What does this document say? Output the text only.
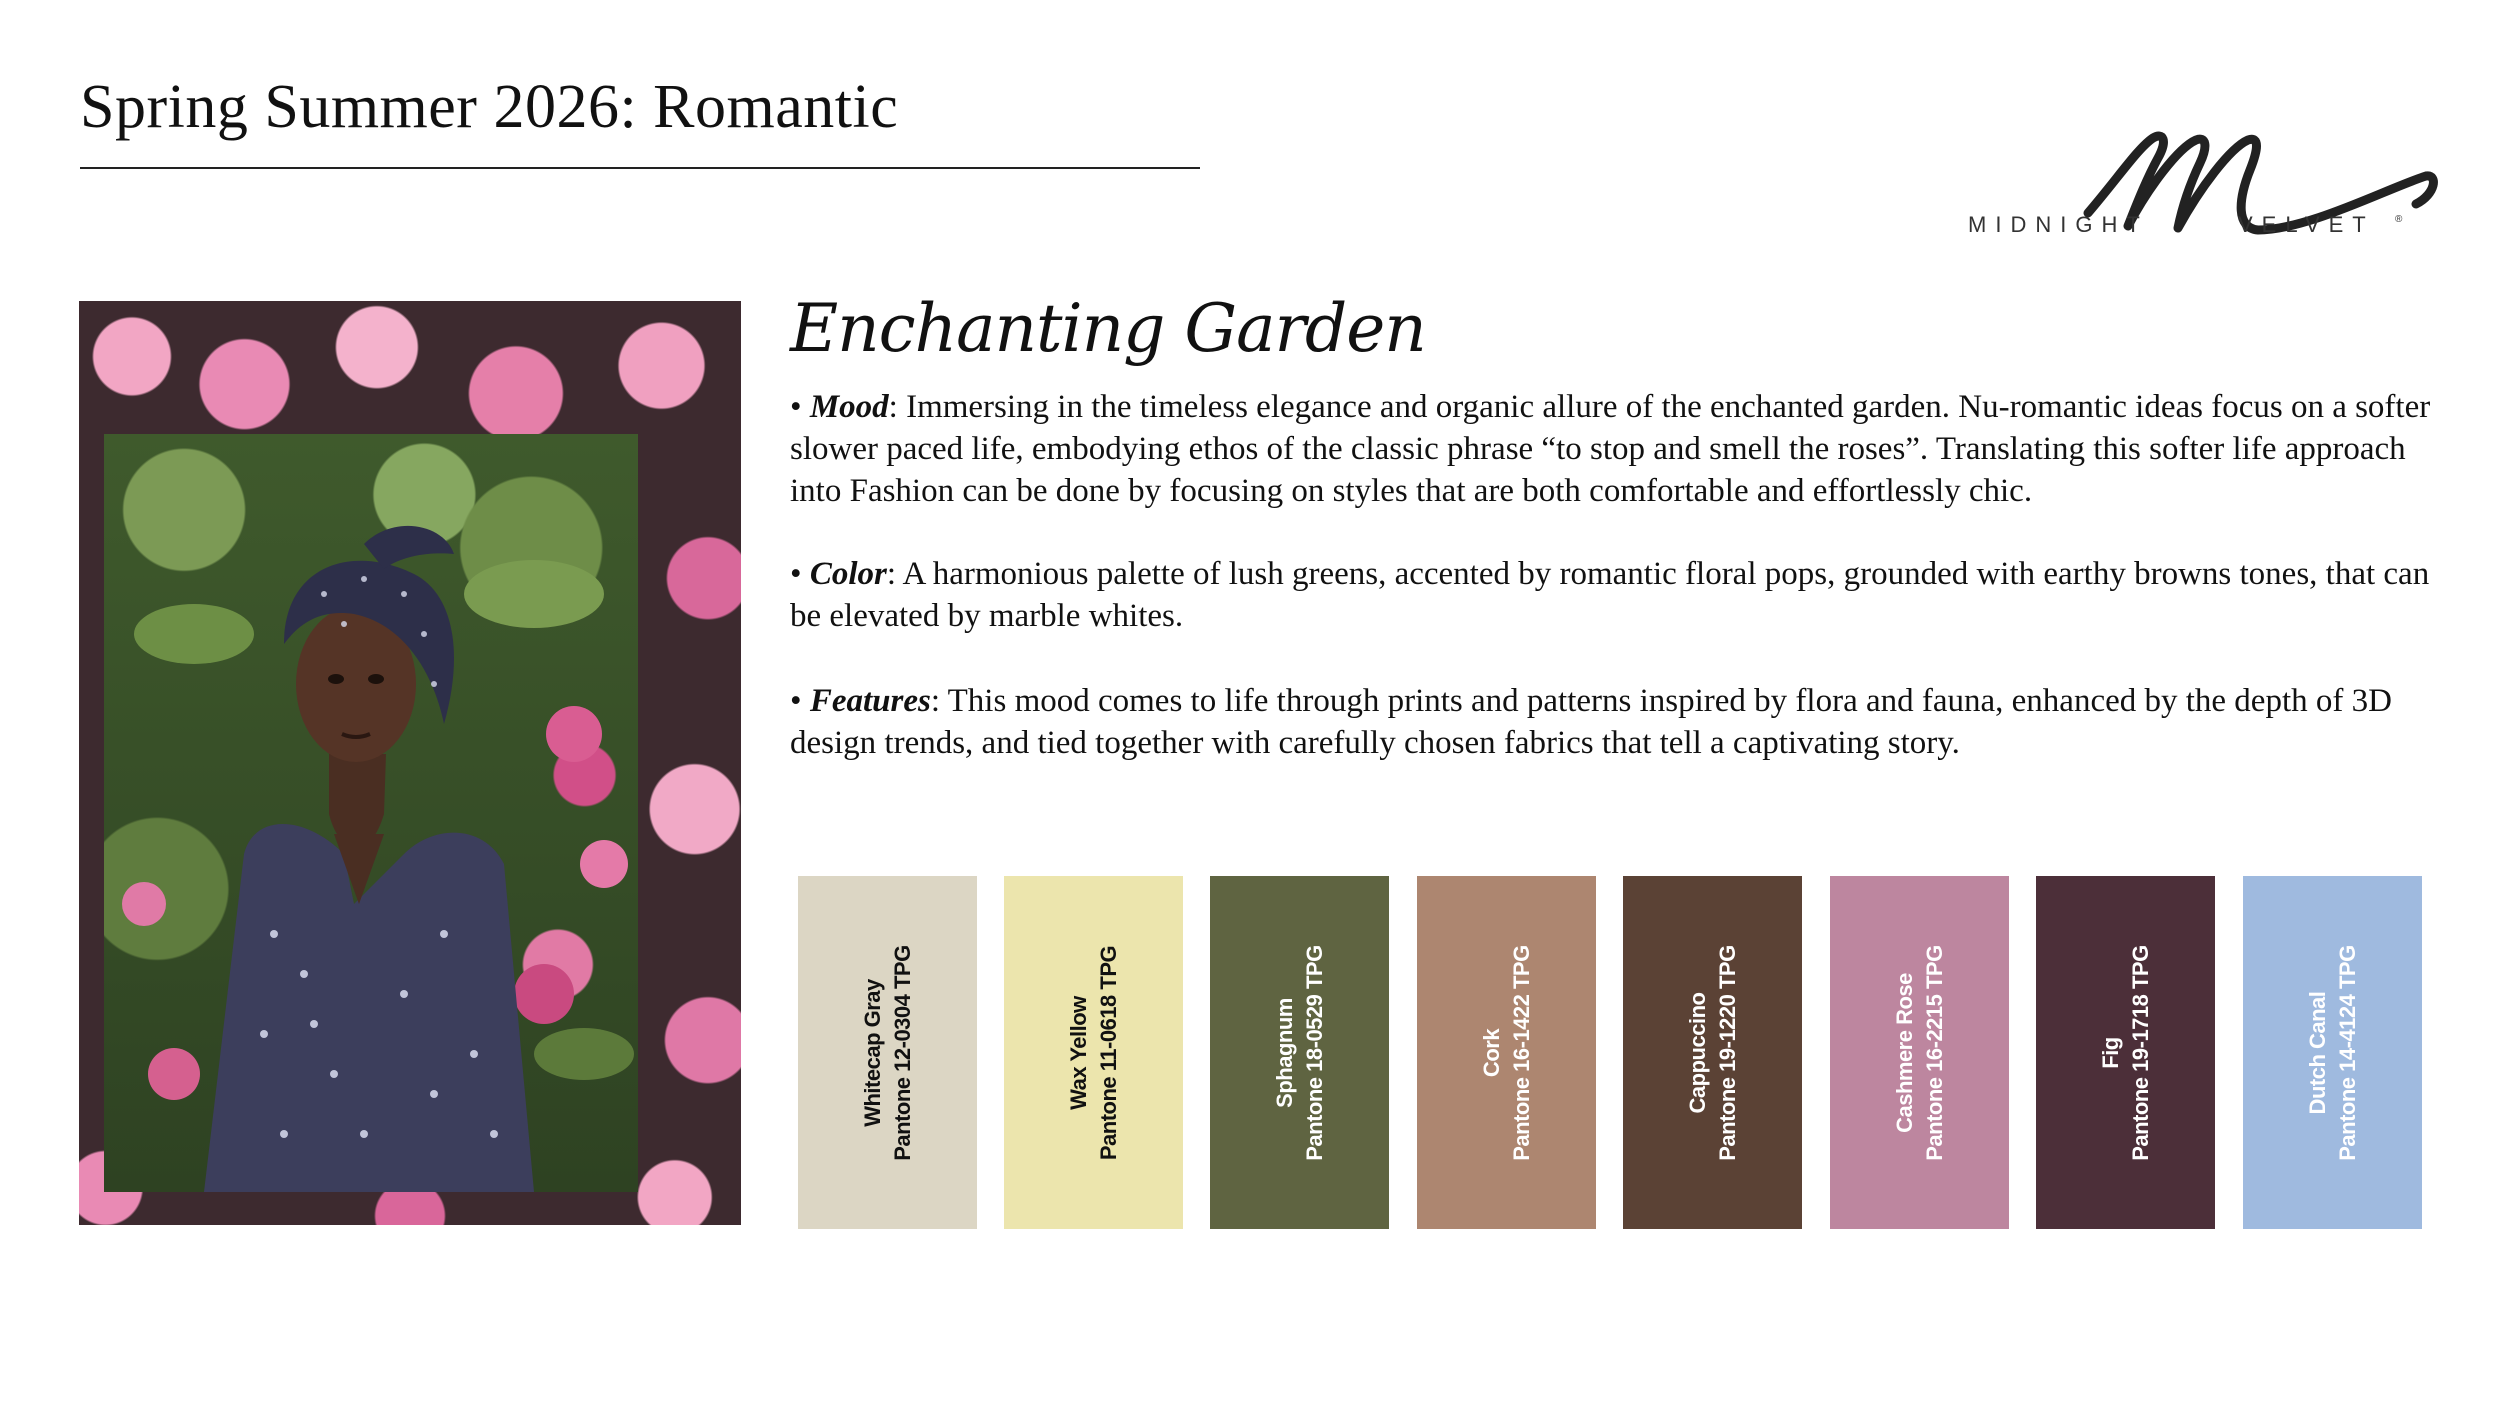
Spring Summer 2026: Romantic
MIDNIGHT	VELVET ®
Enchanting Garden

• Mood: Immersing in the timeless elegance and organic allure of the enchanted garden. Nu-romantic ideas focus on a softer slower paced life, embodying ethos of the classic phrase “to stop and smell the roses”. Translating this softer life approach into Fashion can be done by focusing on styles that are both comfortable and effortlessly chic.

• Color: A harmonious palette of lush greens, accented by romantic floral pops, grounded with earthy browns tones, that can be elevated by marble whites.

• Features: This mood comes to life through prints and patterns inspired by flora and fauna, enhanced by the depth of 3D design trends, and tied together with carefully chosen fabrics that tell a captivating story.

Whitecap Gray Pantone 12-0304 TPG	Wax Yellow Pantone 11-0618 TPG	Sphagnum Pantone 18-0529 TPG	Cork Pantone 16-1422 TPG	Cappuccino Pantone 19-1220 TPG	Cashmere Rose Pantone 16-2215 TPG	Fig Pantone 19-1718 TPG	Dutch Canal Pantone 14-4124 TPG
